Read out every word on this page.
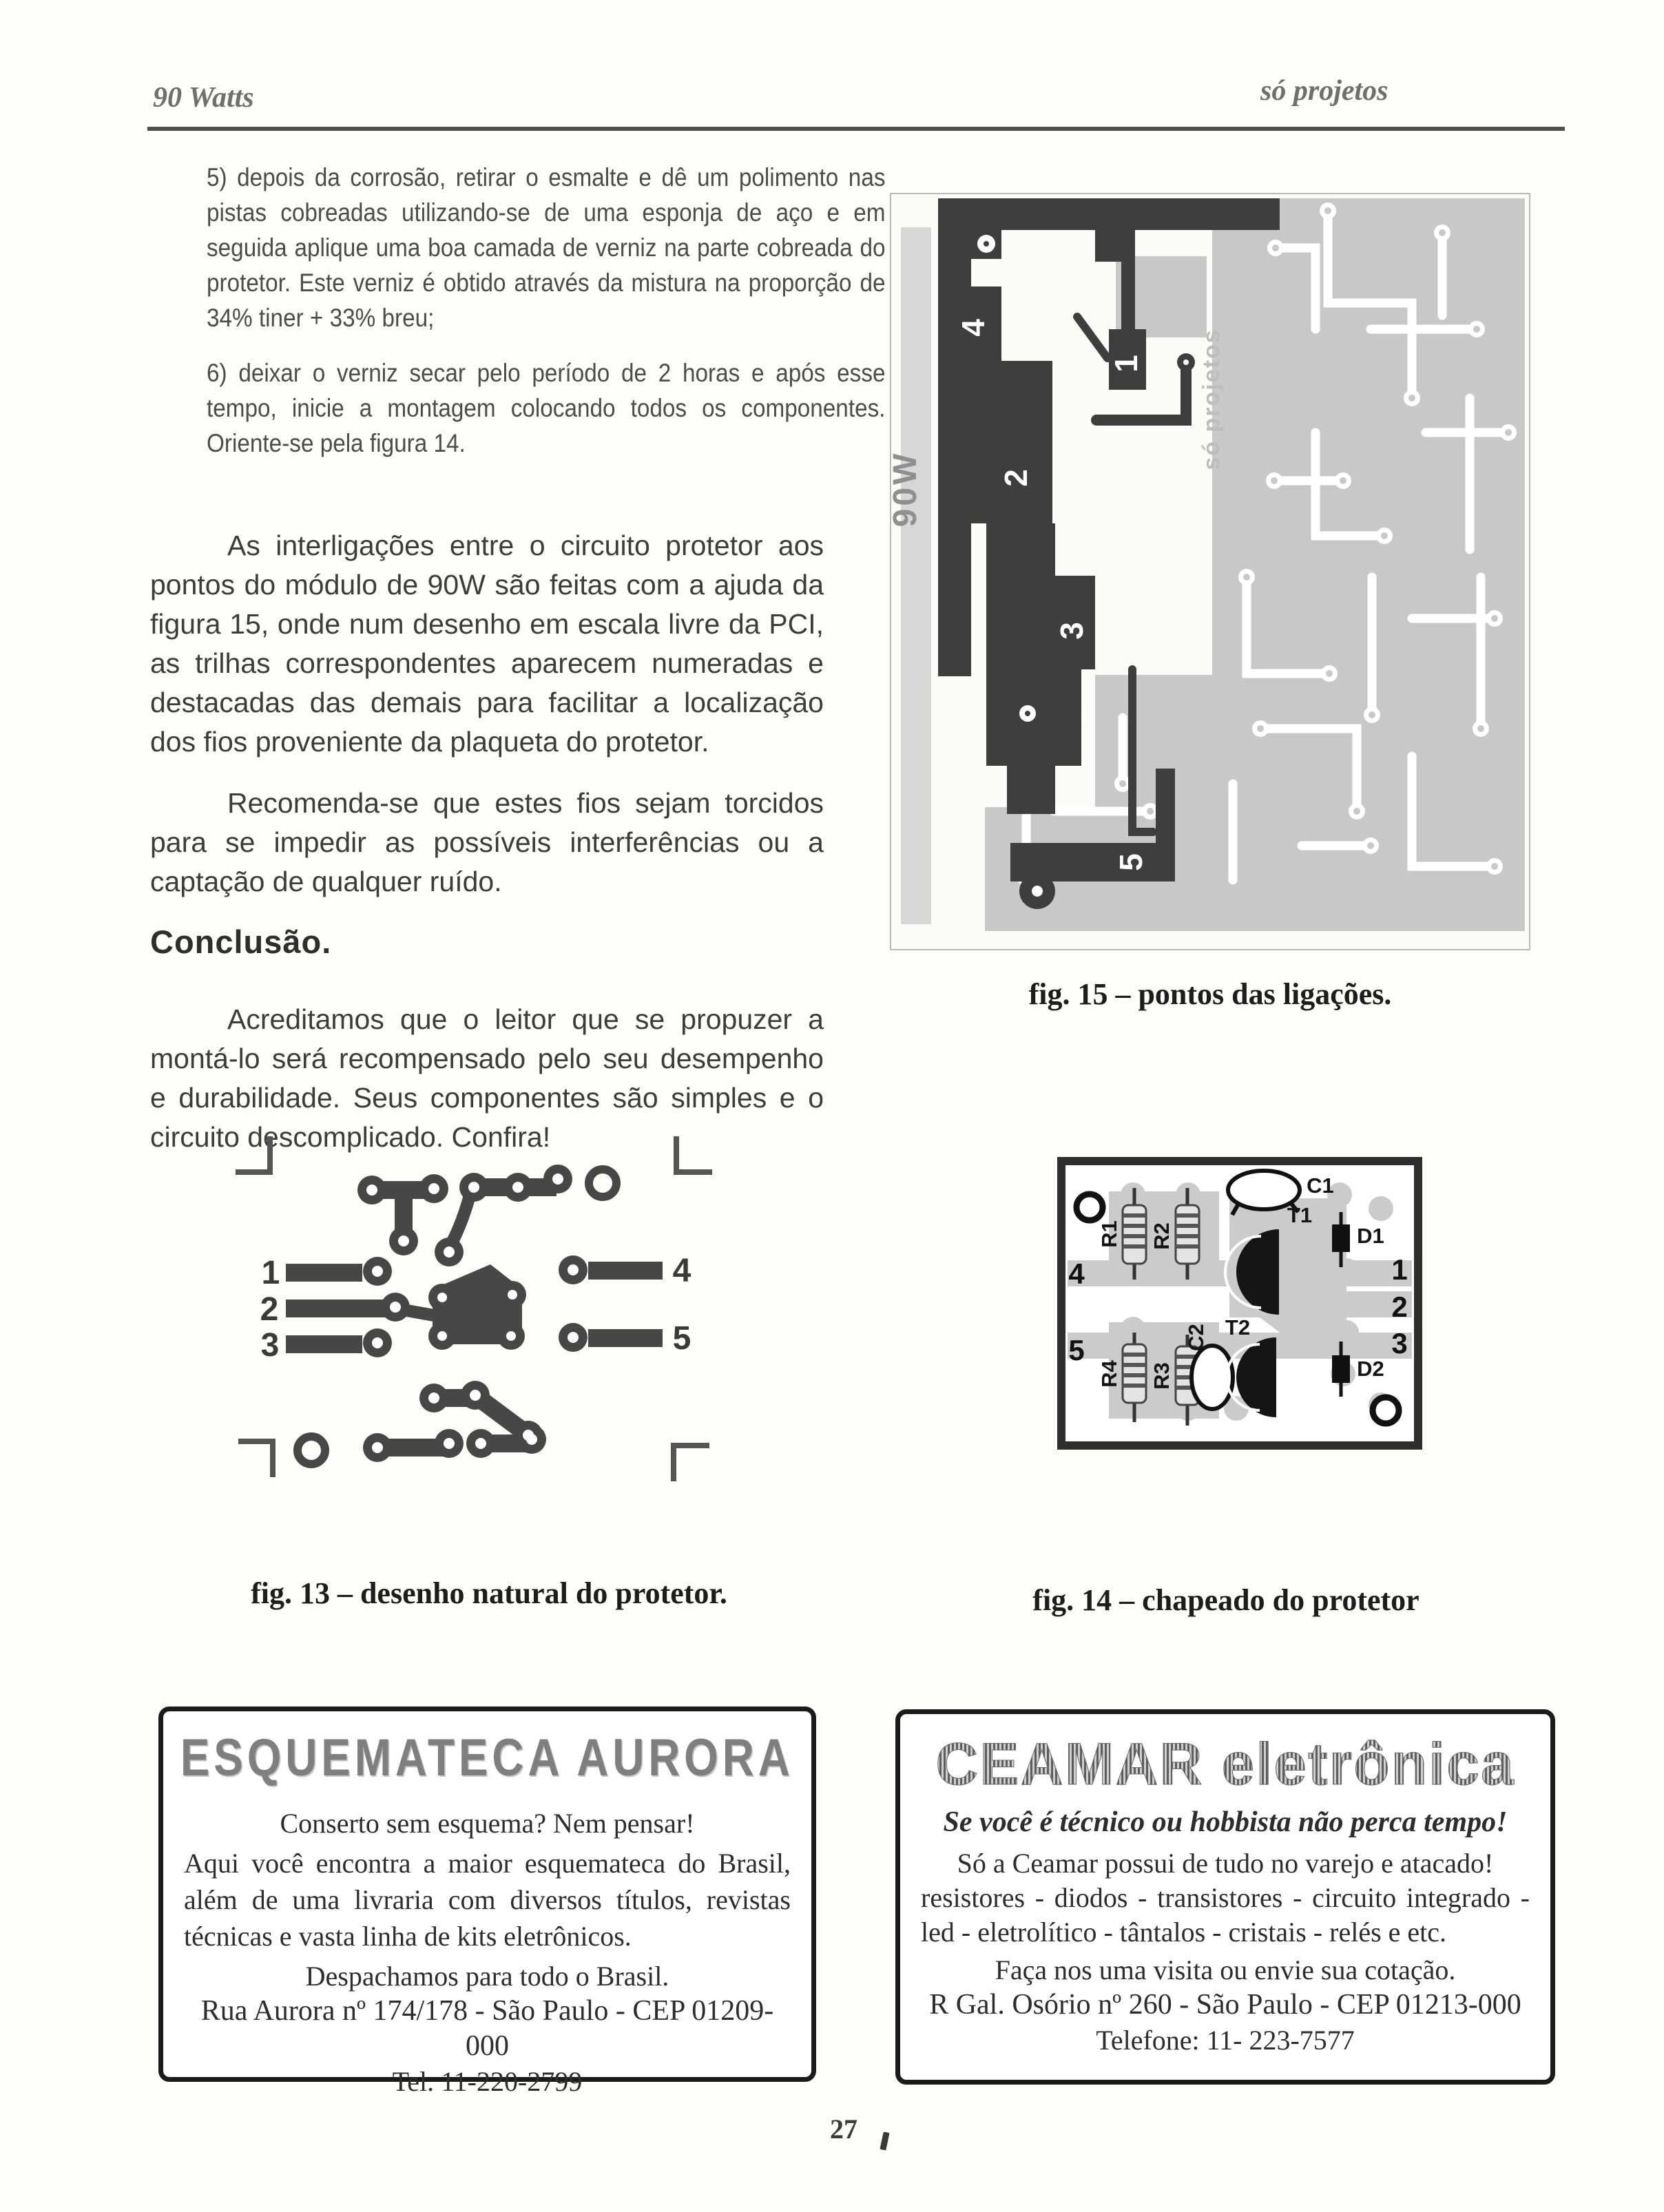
90 Watts	só projetos
5) depois da corrosão, retirar o esmalte e dê um polimento nas pistas cobreadas utilizando-se de uma esponja de aço e em seguida aplique uma boa camada de verniz na parte cobreada do protetor. Este verniz é obtido através da mistura na proporção de 34% tiner + 33% breu;
6) deixar o verniz secar pelo período de 2 horas e após esse tempo, inicie a montagem colocando todos os componentes. Oriente-se pela figura 14.
As interligações entre o circuito protetor aos pontos do módulo de 90W são feitas com a ajuda da figura 15, onde num desenho em escala livre da PCI, as trilhas correspondentes aparecem numeradas e destacadas das demais para facilitar a localização dos fios proveniente da plaqueta do protetor.
Recomenda-se que estes fios sejam torcidos para se impedir as possíveis interferências ou a captação de qualquer ruído.
Conclusão.
Acreditamos que o leitor que se propuzer a montá-lo será recompensado pelo seu desempenho e durabilidade. Seus componentes são simples e o circuito descomplicado. Confira!
1
2
3
4
5
90W
só projetos
fig. 15 – pontos das ligações.
1
2
3
4
5
fig. 13 – desenho natural do protetor.
R1 R2
C1
T1
D1
C2 T2
R3
R4	D2
4
5
1
2
3
fig. 14 – chapeado do protetor
ESQUEMATECA AURORA
Conserto sem esquema? Nem pensar!
Aqui você encontra a maior esquemateca do Brasil, além de uma livraria com diversos títulos, revistas técnicas e vasta linha de kits eletrônicos.
Despachamos para todo o Brasil.
Rua Aurora nº 174/178 - São Paulo - CEP 01209-000
Tel. 11-220-2799
CEAMAR eletrônica
Se você é técnico ou hobbista não perca tempo!
Só a Ceamar possui de tudo no varejo e atacado!
resistores - diodos - transistores - circuito integrado - led - eletrolítico - tântalos - cristais - relés e etc.
Faça nos uma visita ou envie sua cotação.
R Gal. Osório nº 260 - São Paulo - CEP 01213-000
Telefone: 11- 223-7577
27
